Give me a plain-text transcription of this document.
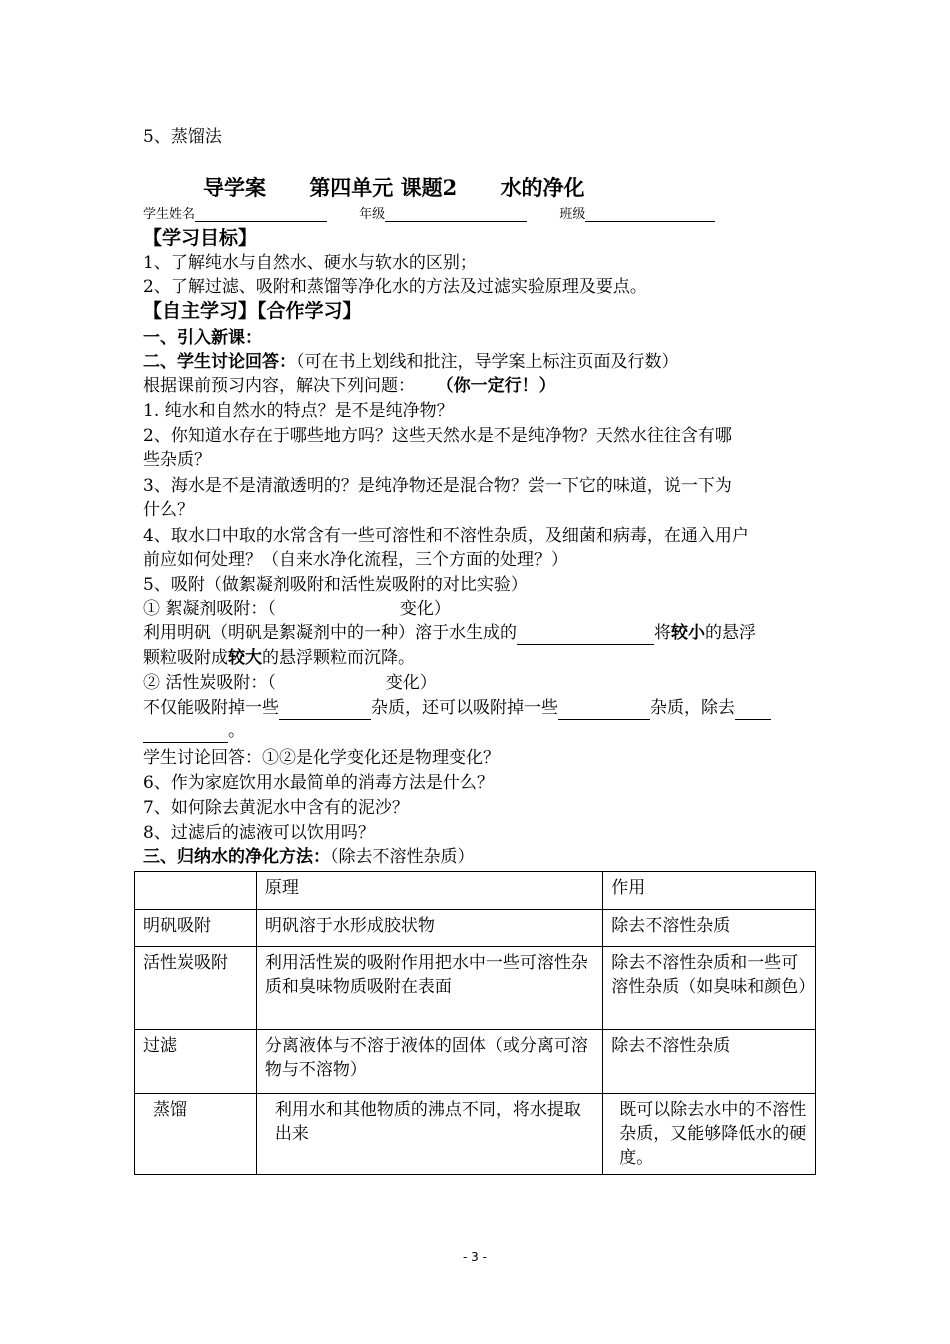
5、蒸馏法
导学案 第四单元 课题2 水的净化
学生姓名	年级	班级
【学习目标】
1、了解纯水与自然水、硬水与软水的区别；
2、了解过滤、吸附和蒸馏等净化水的方法及过滤实验原理及要点。
【自主学习】【合作学习】
一、引入新课：
二、学生讨论回答：（可在书上划线和批注，导学案上标注页面及行数）
根据课前预习内容，解决下列问题： （你一定行！）
1. 纯水和自然水的特点？是不是纯净物？
2、你知道水存在于哪些地方吗？这些天然水是不是纯净物？天然水往往含有哪
些杂质？
3、海水是不是清澈透明的？是纯净物还是混合物？尝一下它的味道，说一下为
什么？
4、取水口中取的水常含有一些可溶性和不溶性杂质，及细菌和病毒，在通入用户
前应如何处理？（自来水净化流程，三个方面的处理？）
5、吸附（做絮凝剂吸附和活性炭吸附的对比实验）
① 絮凝剂吸附：（	变化）
利用明矾（明矾是絮凝剂中的一种）溶于水生成的	将较小的悬浮
颗粒吸附成较大的悬浮颗粒而沉降。
② 活性炭吸附：（	变化）
不仅能吸附掉一些	杂质，还可以吸附掉一些	杂质，除去
。
学生讨论回答：①②是化学变化还是物理变化？
6、作为家庭饮用水最简单的消毒方法是什么？
7、如何除去黄泥水中含有的泥沙？
8、过滤后的滤液可以饮用吗？
三、归纳水的净化方法：（除去不溶性杂质）
	原理	作用
明矾吸附	明矾溶于水形成胶状物	除去不溶性杂质
活性炭吸附	利用活性炭的吸附作用把水中一些可溶性杂质和臭味物质吸附在表面	除去不溶性杂质和一些可溶性杂质（如臭味和颜色）
过滤	分离液体与不溶于液体的固体（或分离可溶物与不溶物）	除去不溶性杂质
蒸馏	利用水和其他物质的沸点不同，将水提取出来	既可以除去水中的不溶性杂质，又能够降低水的硬度。
- 3 -
